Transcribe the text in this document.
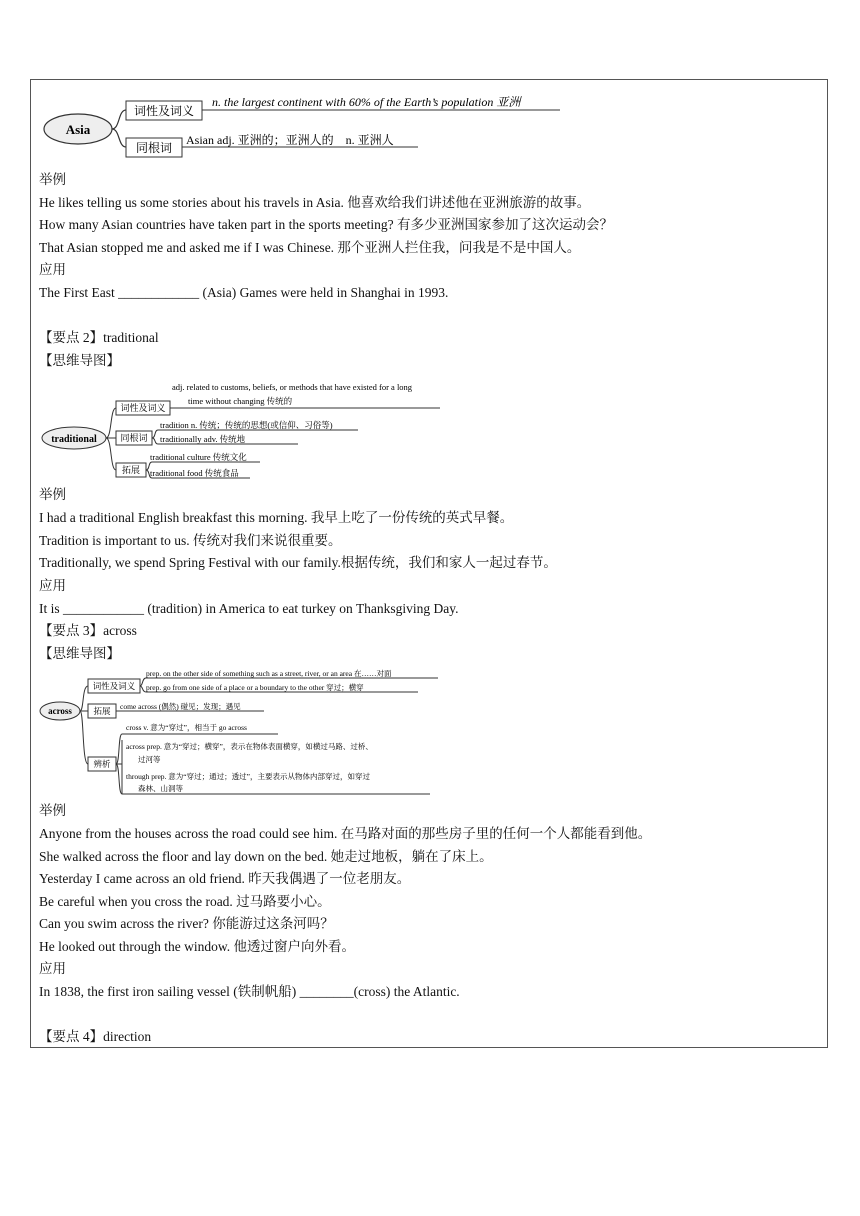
Asia
词性及词义
同根词
n. the largest continent with 60% of the Earth’s population 亚洲
Asian adj. 亚洲的；亚洲人的　n. 亚洲人
举例
He likes telling us some stories about his travels in Asia. 他喜欢给我们讲述他在亚洲旅游的故事。
How many Asian countries have taken part in the sports meeting? 有多少亚洲国家参加了这次运动会？
That Asian stopped me and asked me if I was Chinese. 那个亚洲人拦住我，问我是不是中国人。
应用
The First East ____________ (Asia) Games were held in Shanghai in 1993.
【要点 2】traditional
【思维导图】
traditional
词性及词义
同根词
拓展
adj. related to customs, beliefs, or methods that have existed for a long
time without changing 传统的
tradition n. 传统；传统的思想(或信仰、习俗等)
traditionally adv. 传统地
traditional culture 传统文化
traditional food 传统食品
举例
I had a traditional English breakfast this morning. 我早上吃了一份传统的英式早餐。
Tradition is important to us. 传统对我们来说很重要。
Traditionally, we spend Spring Festival with our family.根据传统，我们和家人一起过春节。
应用
It is ____________ (tradition) in America to eat turkey on Thanksgiving Day.
【要点 3】across
【思维导图】
across
词性及词义
拓展
辨析
prep. on the other side of something such as a street, river, or an area 在……对面
prep. go from one side of a place or a boundary to the other 穿过；横穿
come across (偶然) 碰见；发现；遇见
cross v. 意为“穿过”，相当于 go across
across prep. 意为“穿过；横穿”，表示在物体表面横穿，如横过马路、过桥、
过河等
through prep. 意为“穿过；通过；透过”，主要表示从物体内部穿过，如穿过
森林、山洞等
举例
Anyone from the houses across the road could see him. 在马路对面的那些房子里的任何一个人都能看到他。
She walked across the floor and lay down on the bed. 她走过地板，躺在了床上。
Yesterday I came across an old friend. 昨天我偶遇了一位老朋友。
Be careful when you cross the road. 过马路要小心。
Can you swim across the river? 你能游过这条河吗？
He looked out through the window. 他透过窗户向外看。
应用
In 1838, the first iron sailing vessel (铁制帆船) ________(cross) the Atlantic.
【要点 4】direction
